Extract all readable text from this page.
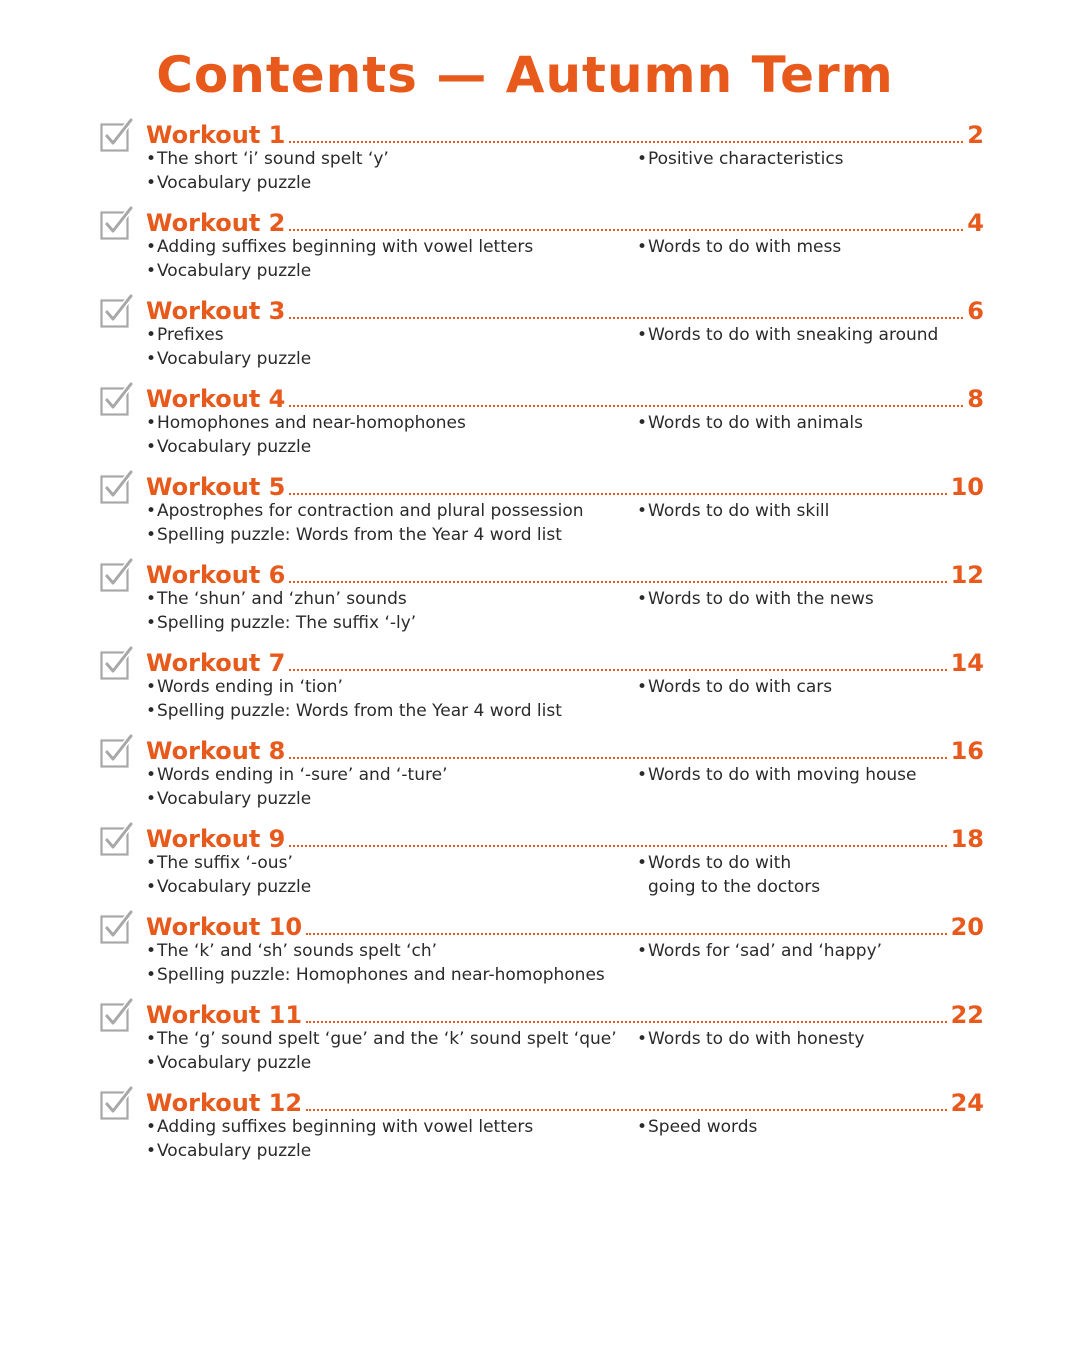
Contents — Autumn Term
Workout 1	2
•The short ‘i’ sound spelt ‘y’
•Vocabulary puzzle
•Positive characteristics
Workout 2	4
•Adding suffixes beginning with vowel letters
•Vocabulary puzzle
•Words to do with mess
Workout 3	6
•Prefixes
•Vocabulary puzzle
•Words to do with sneaking around
Workout 4	8
•Homophones and near-homophones
•Vocabulary puzzle
•Words to do with animals
Workout 5	10
•Apostrophes for contraction and plural possession
•Spelling puzzle: Words from the Year 4 word list
•Words to do with skill
Workout 6	12
•The ‘shun’ and ‘zhun’ sounds
•Spelling puzzle: The suffix ‘-ly’
•Words to do with the news
Workout 7	14
•Words ending in ‘tion’
•Spelling puzzle: Words from the Year 4 word list
•Words to do with cars
Workout 8	16
•Words ending in ‘-sure’ and ‘-ture’
•Vocabulary puzzle
•Words to do with moving house
Workout 9	18
•The suffix ‘-ous’
•Vocabulary puzzle
•Words to do with
going to the doctors
Workout 10	20
•The ‘k’ and ‘sh’ sounds spelt ‘ch’
•Spelling puzzle: Homophones and near-homophones
•Words for ‘sad’ and ‘happy’
Workout 11	22
•The ‘g’ sound spelt ‘gue’ and the ‘k’ sound spelt ‘que’
•Vocabulary puzzle
•Words to do with honesty
Workout 12	24
•Adding suffixes beginning with vowel letters
•Vocabulary puzzle
•Speed words
